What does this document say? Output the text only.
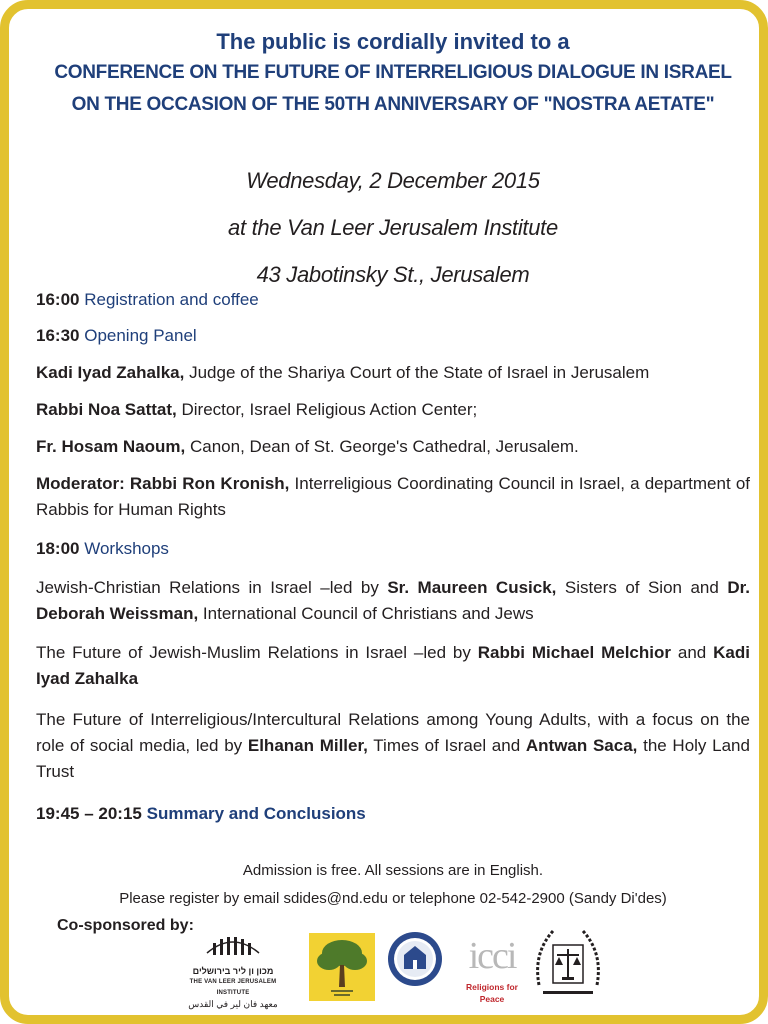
The public is cordially invited to a
CONFERENCE ON THE FUTURE OF INTERRELIGIOUS DIALOGUE IN ISRAEL
ON THE OCCASION OF THE 50TH ANNIVERSARY OF "NOSTRA AETATE"
Wednesday, 2 December 2015
at the Van Leer Jerusalem Institute
43 Jabotinsky St., Jerusalem
16:00 Registration and coffee
16:30 Opening Panel
Kadi Iyad Zahalka, Judge of the Shariya Court of the State of Israel in Jerusalem
Rabbi Noa Sattat, Director, Israel Religious Action Center;
Fr. Hosam Naoum, Canon, Dean of St. George's Cathedral, Jerusalem.
Moderator: Rabbi Ron Kronish, Interreligious Coordinating Council in Israel, a department of Rabbis for Human Rights
18:00 Workshops
Jewish-Christian Relations in Israel –led by Sr. Maureen Cusick, Sisters of Sion and Dr. Deborah Weissman, International Council of Christians and Jews
The Future of Jewish-Muslim Relations in Israel –led by Rabbi Michael Melchior and Kadi Iyad Zahalka
The Future of Interreligious/Intercultural Relations among Young Adults, with a focus on the role of social media, led by Elhanan Miller, Times of Israel and Antwan Saca, the Holy Land Trust
19:45 – 20:15 Summary and Conclusions
Admission is free. All sessions are in English.
Please register by email sdides@nd.edu or telephone 02-542-2900 (Sandy Di'des)
Co-sponsored by:
מכון ון ליר בירושלים
THE VAN LEER JERUSALEM INSTITUTE
معهد فان لير في القدس
icci
Religions for Peace
